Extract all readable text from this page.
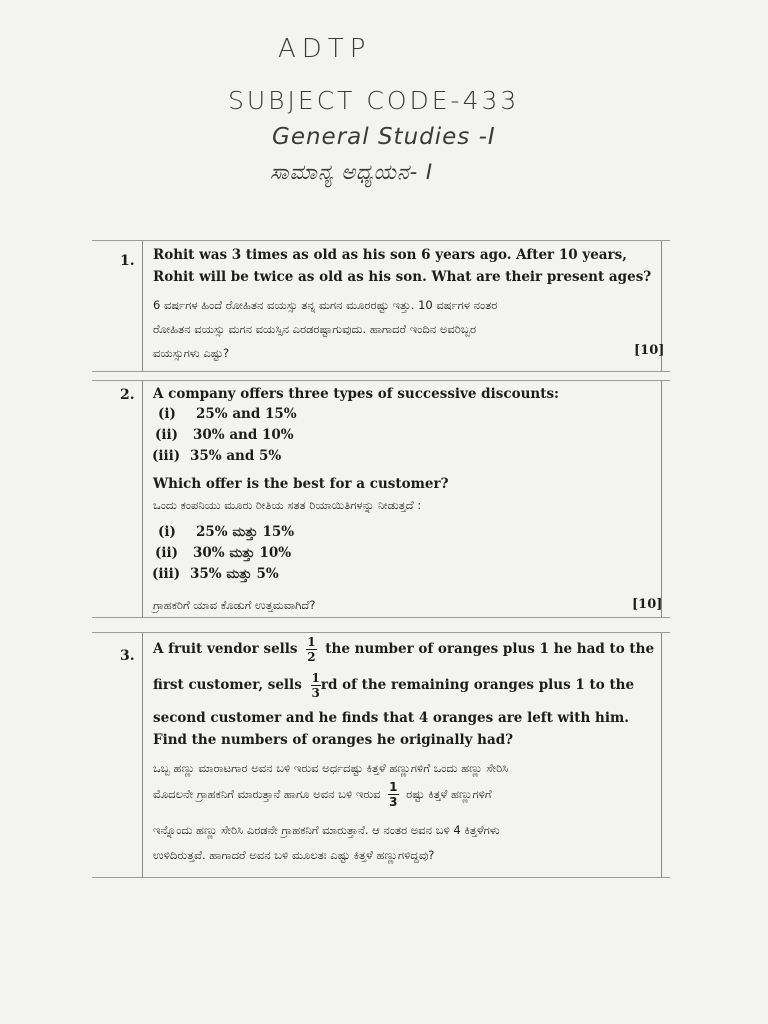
ADTP
SUBJECT CODE-433
General Studies -I
ಸಾಮಾನ್ಯ ಅಧ್ಯಯನ- I
1. Rohit was 3 times as old as his son 6 years ago. After 10 years,
Rohit will be twice as old as his son. What are their present ages?
6 ವರ್ಷಗಳ ಹಿಂದೆ ರೋಹಿತನ ವಯಸ್ಸು ತನ್ನ ಮಗನ ಮೂರರಷ್ಟು ಇತ್ತು. 10 ವರ್ಷಗಳ ನಂತರ
ರೋಹಿತನ ವಯಸ್ಸು ಮಗನ ವಯಸ್ಸಿನ ಎರಡರಷ್ಟಾಗುವುದು. ಹಾಗಾದರೆ ಇಂದಿನ ಅವರಿಬ್ಬರ
ವಯಸ್ಸುಗಳು ಎಷ್ಟು?	[10]
2. A company offers three types of successive discounts:
(i) 25% and 15%
(ii) 30% and 10%
(iii) 35% and 5%
Which offer is the best for a customer?
ಒಂದು ಕಂಪನಿಯು ಮೂರು ರೀತಿಯ ಸತತ ರಿಯಾಯಿತಿಗಳನ್ನು ನೀಡುತ್ತದೆ :
(i) 25% ಮತ್ತು 15%
(ii) 30% ಮತ್ತು 10%
(iii) 35% ಮತ್ತು 5%
ಗ್ರಾಹಕರಿಗೆ ಯಾವ ಕೊಡುಗೆ ಉತ್ತಮವಾಗಿದೆ?	[10]
3. A fruit vendor sells $\frac{1}{2}$ the number of oranges plus 1 he had to the
first customer, sells $\frac{1}{3}$ rd of the remaining oranges plus 1 to the
second customer and he finds that 4 oranges are left with him.
Find the numbers of oranges he originally had?
ಒಬ್ಬ ಹಣ್ಣು ಮಾರಾಟಗಾರ ಅವನ ಬಳಿ ಇರುವ ಅರ್ಧದಷ್ಟು ಕಿತ್ತಳೆ ಹಣ್ಣುಗಳಿಗೆ ಒಂದು ಹಣ್ಣು ಸೇರಿಸಿ
ಮೊದಲನೇ ಗ್ರಾಹಕನಿಗೆ ಮಾರುತ್ತಾನೆ ಹಾಗೂ ಅವನ ಬಳಿ ಇರುವ $\frac{1}{3}$ ರಷ್ಟು ಕಿತ್ತಳೆ ಹಣ್ಣುಗಳಿಗೆ
ಇನ್ನೊಂದು ಹಣ್ಣು ಸೇರಿಸಿ ಎರಡನೇ ಗ್ರಾಹಕನಿಗೆ ಮಾರುತ್ತಾನೆ. ಆ ನಂತರ ಅವನ ಬಳಿ 4 ಕಿತ್ತಳೆಗಳು
ಉಳಿದಿರುತ್ತವೆ. ಹಾಗಾದರೆ ಅವನ ಬಳಿ ಮೂಲತಃ ಎಷ್ಟು ಕಿತ್ತಳೆ ಹಣ್ಣುಗಳಿದ್ದವು?
